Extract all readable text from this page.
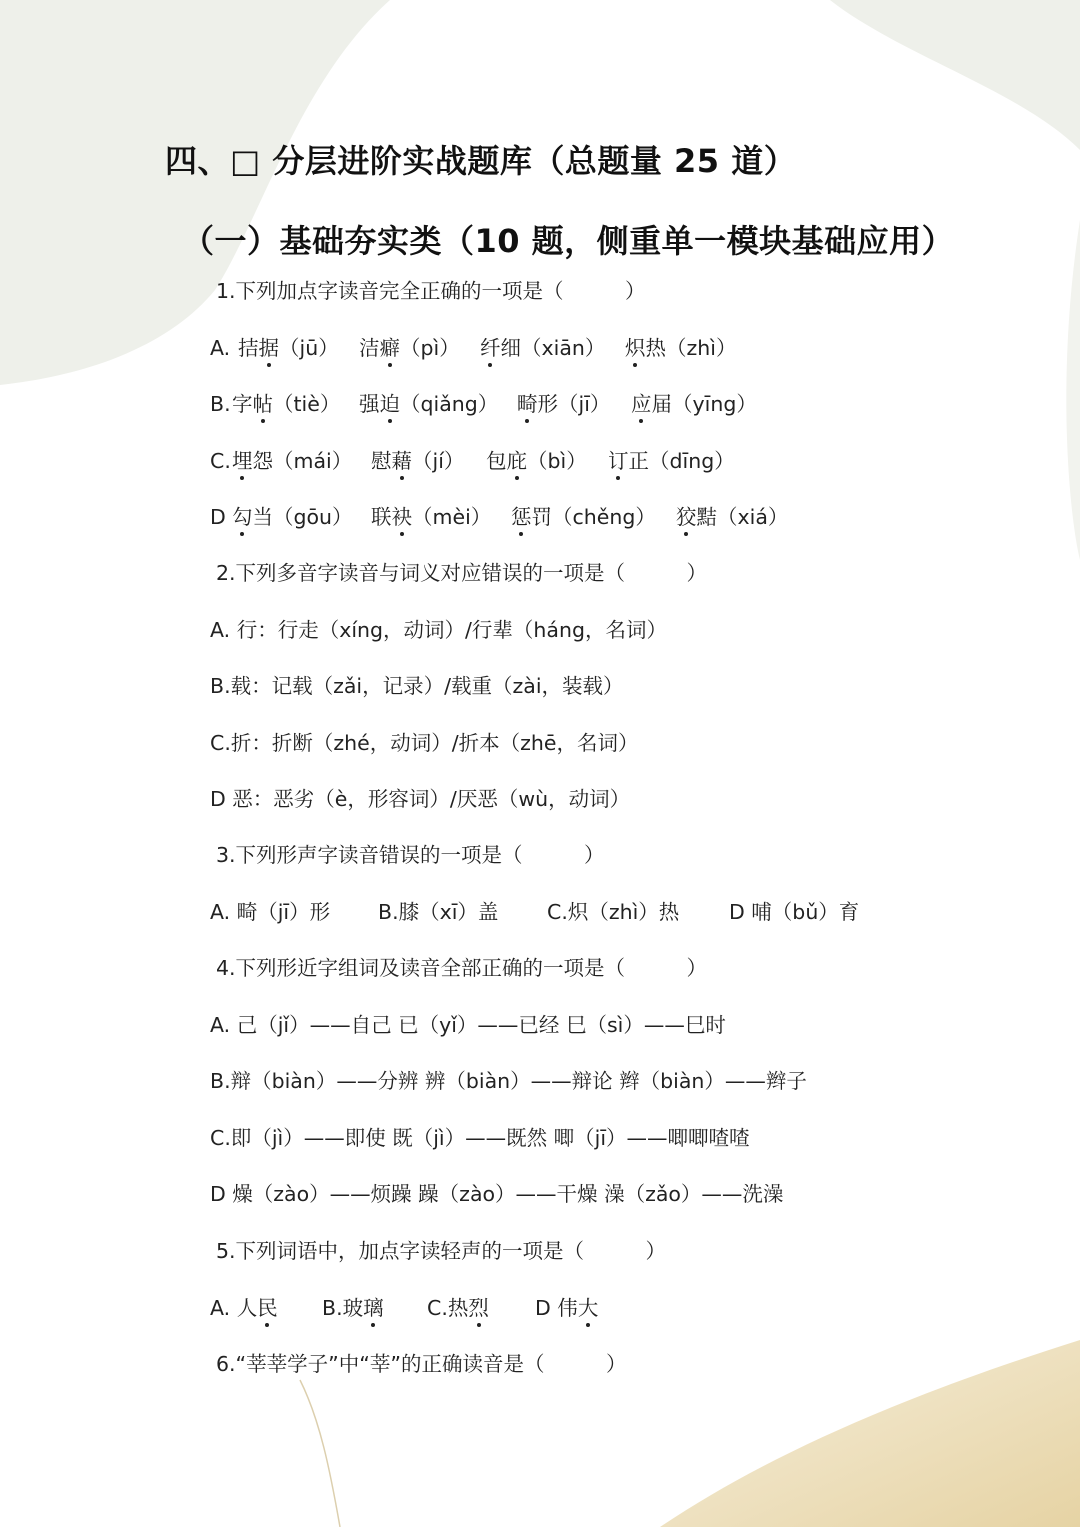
四、□ 分层进阶实战题库（总题量 25 道）
（一）基础夯实类（10 题，侧重单一模块基础应用）
1.下列加点字读音完全正确的一项是（　　　）
A. 拮据（jū） 洁癖（pì） 纤细（xiān） 炽热（zhì）
B. 字帖（tiè） 强迫（qiǎng） 畸形（jī） 应届（yīng）
C. 埋怨（mái） 慰藉（jí） 包庇（bì） 订正（dīng）
D 勾当（gōu） 联袂（mèi） 惩罚（chěng） 狡黠（xiá）
2.下列多音字读音与词义对应错误的一项是（　　　）
A. 行：行走（xíng，动词）/行辈（háng，名词）
B.载：记载（zǎi，记录）/载重（zài，装载）
C.折：折断（zhé，动词）/折本（zhē，名词）
D 恶：恶劣（è，形容词）/厌恶（wù，动词）
3.下列形声字读音错误的一项是（　　　）
A. 畸（jī）形 B.膝（xī）盖 C.炽（zhì）热 D 哺（bǔ）育
4.下列形近字组词及读音全部正确的一项是（　　　）
A. 己（jǐ）——自己 已（yǐ）——已经 巳（sì）——巳时
B.辩（biàn）——分辨 辨（biàn）——辩论 辫（biàn）——辫子
C.即（jì）——即使 既（jì）——既然 唧（jī）——唧唧喳喳
D 燥（zào）——烦躁 躁（zào）——干燥 澡（zǎo）——洗澡
5.下列词语中，加点字读轻声的一项是（　　　）
A. 人民 B.玻璃 C.热烈 D 伟大
6.“莘莘学子”中“莘”的正确读音是（　　　）
